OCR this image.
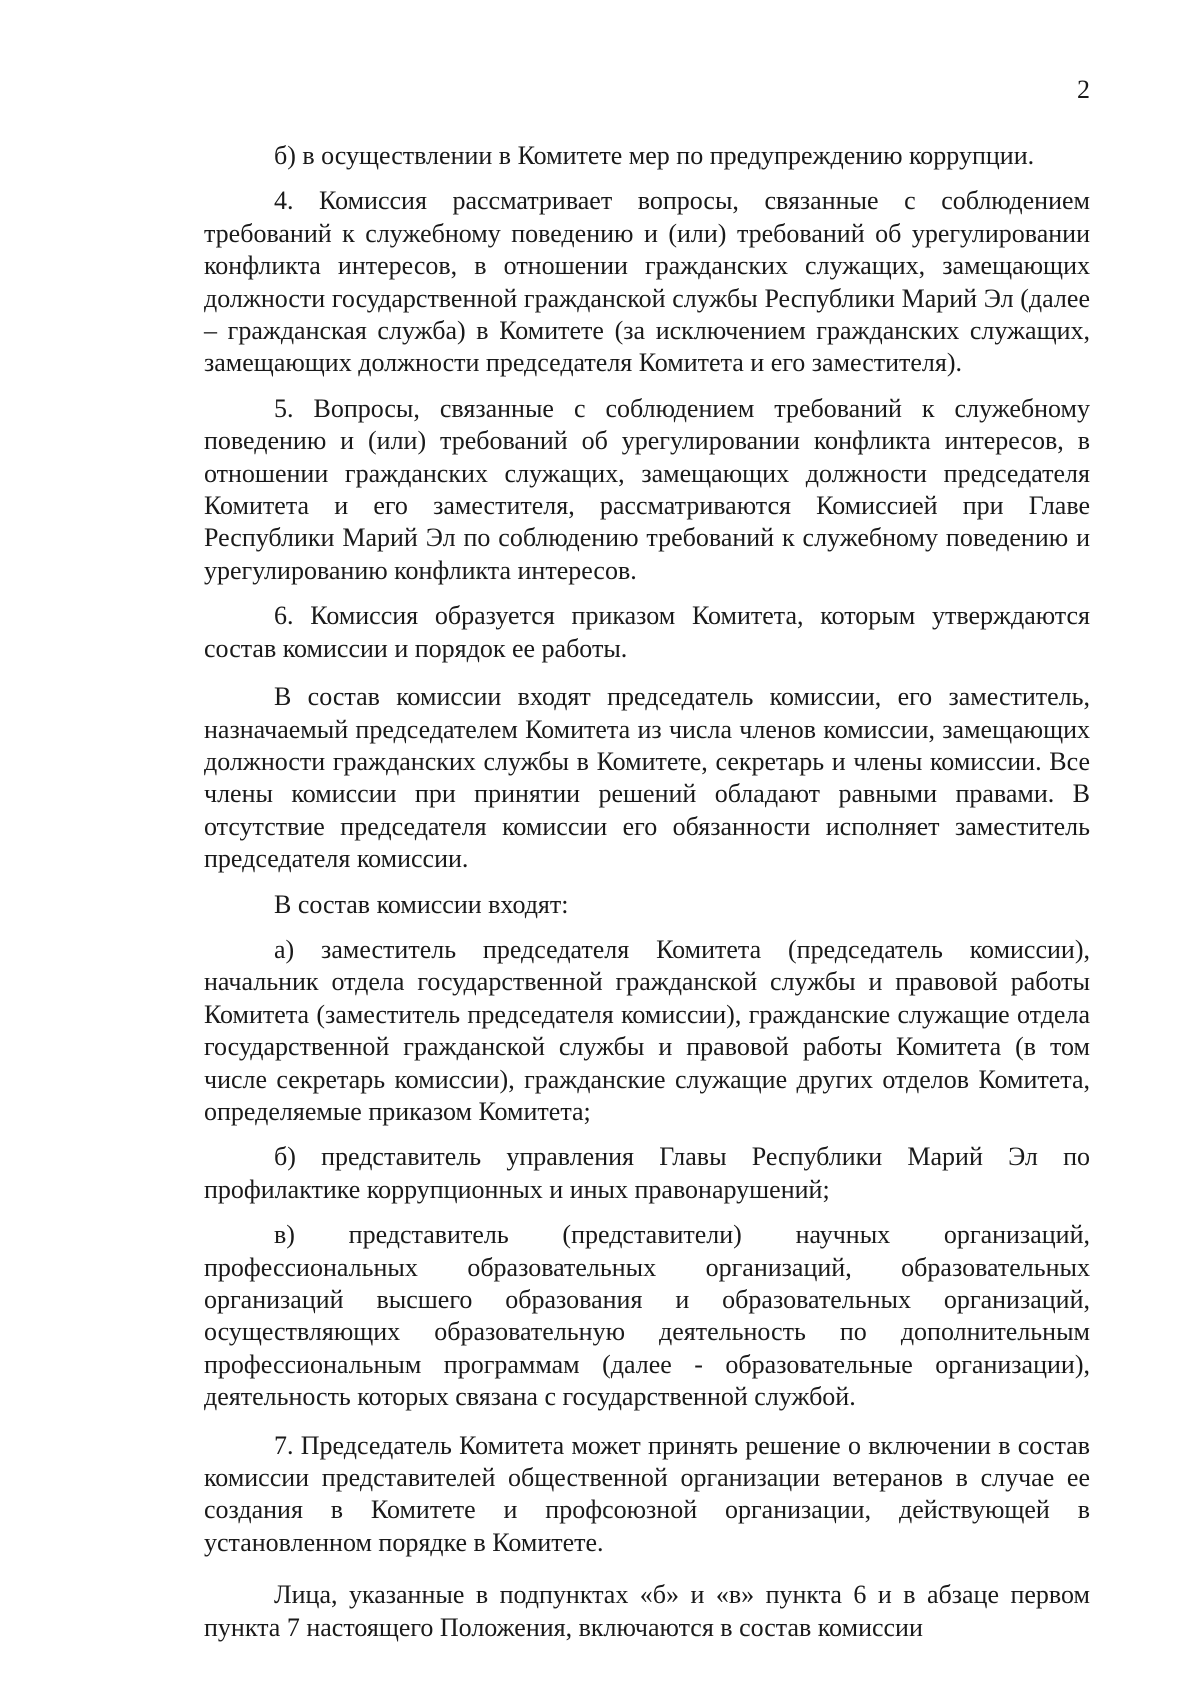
2

б) в осуществлении в Комитете мер по предупреждению коррупции.

4. Комиссия рассматривает вопросы, связанные с соблюдением требований к служебному поведению и (или) требований об урегулировании конфликта интересов, в отношении гражданских служащих, замещающих должности государственной гражданской службы Республики Марий Эл (далее – гражданская служба) в Комитете (за исключением гражданских служащих, замещающих должности председателя Комитета и его заместителя).

5. Вопросы, связанные с соблюдением требований к служебному поведению и (или) требований об урегулировании конфликта интересов, в отношении гражданских служащих, замещающих должности председателя Комитета и его заместителя, рассматриваются Комиссией при Главе Республики Марий Эл по соблюдению требований к служебному поведению и урегулированию конфликта интересов.

6. Комиссия образуется приказом Комитета, которым утверждаются состав комиссии и порядок ее работы.

В состав комиссии входят председатель комиссии, его заместитель, назначаемый председателем Комитета из числа членов комиссии, замещающих должности гражданских службы в Комитете, секретарь и члены комиссии. Все члены комиссии при принятии решений обладают равными правами. В отсутствие председателя комиссии его обязанности исполняет заместитель председателя комиссии.

В состав комиссии входят:

а) заместитель председателя Комитета (председатель комиссии), начальник отдела государственной гражданской службы и правовой работы Комитета (заместитель председателя комиссии), гражданские служащие отдела государственной гражданской службы и правовой работы Комитета (в том числе секретарь комиссии), гражданские служащие других отделов Комитета, определяемые приказом Комитета;

б) представитель управления Главы Республики Марий Эл по профилактике коррупционных и иных правонарушений;

в) представитель (представители) научных организаций, профессиональных образовательных организаций, образовательных организаций высшего образования и образовательных организаций, осуществляющих образовательную деятельность по дополнительным профессиональным программам (далее - образовательные организации), деятельность которых связана с государственной службой.

7. Председатель Комитета может принять решение о включении в состав комиссии представителей общественной организации ветеранов в случае ее создания в Комитете и профсоюзной организации, действующей в установленном порядке в Комитете.

Лица, указанные в подпунктах «б» и «в» пункта 6 и в абзаце первом пункта 7 настоящего Положения, включаются в состав комиссии
